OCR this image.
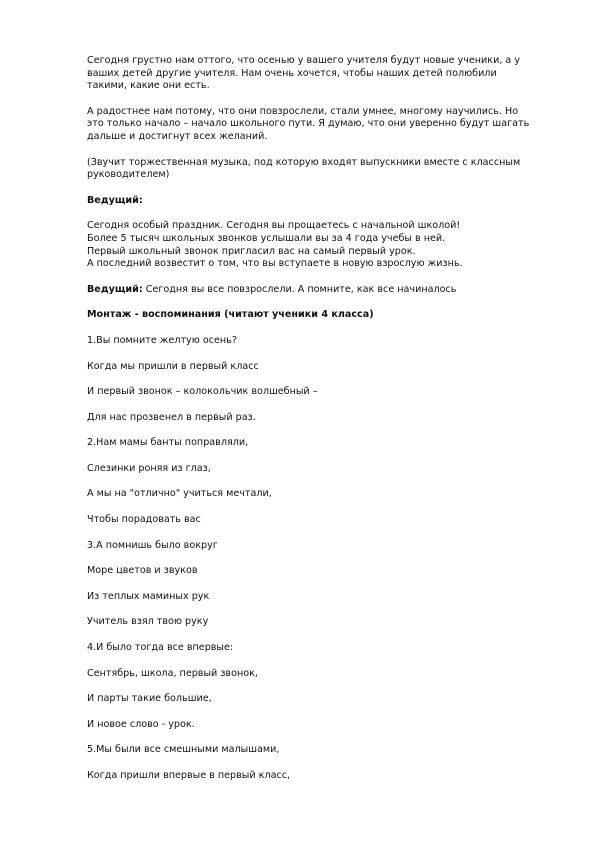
Сегодня грустно нам оттого, что осенью у вашего учителя будут новые ученики, а у
ваших детей другие учителя. Нам очень хочется, чтобы наших детей полюбили
такими, какие они есть.
А радостнее нам потому, что они повзрослели, стали умнее, многому научились. Но
это только начало – начало школьного пути. Я думаю, что они уверенно будут шагать
дальше и достигнут всех желаний.
(Звучит торжественная музыка, под которую входят выпускники вместе с классным
руководителем)
Ведущий:
Сегодня особый праздник. Сегодня вы прощаетесь с начальной школой!
Более 5 тысяч школьных звонков услышали вы за 4 года учебы в ней.
Первый школьный звонок пригласил вас на самый первый урок.
А последний возвестит о том, что вы вступаете в новую взрослую жизнь.
Ведущий: Сегодня вы все повзрослели. А помните, как все начиналось
Монтаж - воспоминания (читают ученики 4 класса)

1.Вы помните желтую осень?

Когда мы пришли в первый класс

И первый звонок – колокольчик волшебный –

Для нас прозвенел в первый раз.

2.Нам мамы банты поправляли,

Слезинки роняя из глаз,

А мы на "отлично" учиться мечтали,

Чтобы порадовать вас

3.А помнишь было вокруг

Море цветов и звуков

Из теплых маминых рук

Учитель взял твою руку

4.И было тогда все впервые:

Сентябрь, школа, первый звонок,

И парты такие большие,

И новое слово - урок.

5.Мы были все смешными малышами,

Когда пришли впервые в первый класс,
